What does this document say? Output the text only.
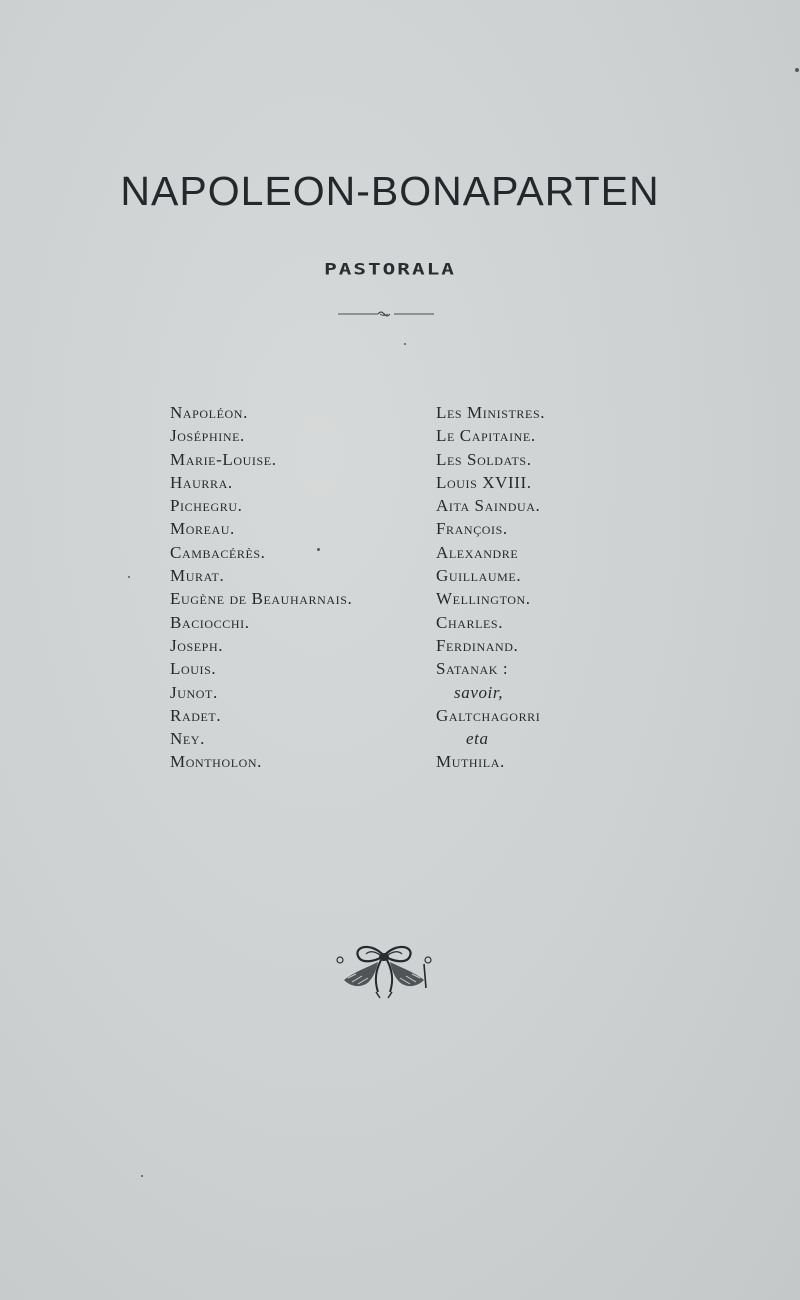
NAPOLEON-BONAPARTEN
PASTORALA
Napoléon.
Joséphine.
Marie-Louise.
Haurra.
Pichegru.
Moreau.
Cambacérès.
Murat.
Eugène de Beauharnais.
Baciocchi.
Joseph.
Louis.
Junot.
Radet.
Ney.
Montholon.
Les Ministres.
Le Capitaine.
Les Soldats.
Louis XVIII.
Aita Saindua.
François.
Alexandre
Guillaume.
Wellington.
Charles.
Ferdinand.
Satanak :
savoir,
Galtchagorri
eta
Muthila.
